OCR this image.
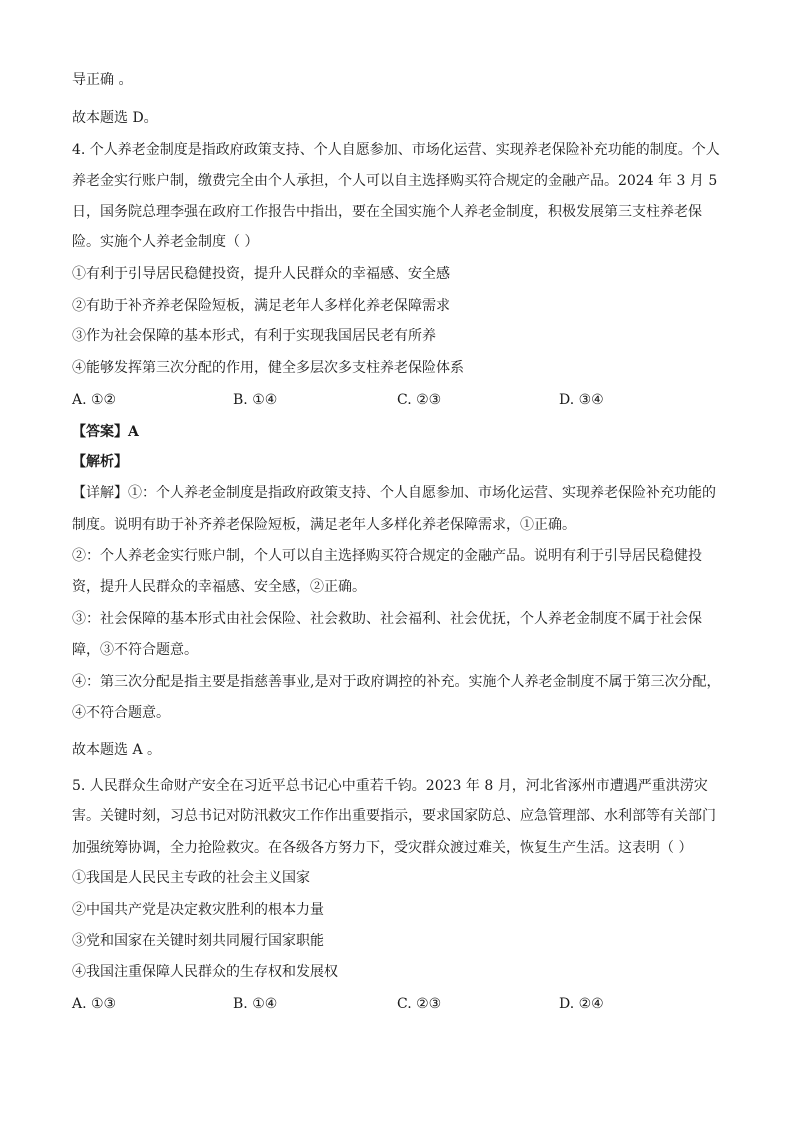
导正确 。
故本题选 D。
4. 个人养老金制度是指政府政策支持、个人自愿参加、市场化运营、实现养老保险补充功能的制度。个人
养老金实行账户制，缴费完全由个人承担，个人可以自主选择购买符合规定的金融产品。2024 年 3 月 5
日，国务院总理李强在政府工作报告中指出，要在全国实施个人养老金制度，积极发展第三支柱养老保
险。实施个人养老金制度（ ）
①有利于引导居民稳健投资，提升人民群众的幸福感、安全感
②有助于补齐养老保险短板，满足老年人多样化养老保障需求
③作为社会保障的基本形式，有利于实现我国居民老有所养
④能够发挥第三次分配的作用，健全多层次多支柱养老保险体系
A. ①②	B. ①④	C. ②③	D. ③④
【答案】A
【解析】
【详解】①：个人养老金制度是指政府政策支持、个人自愿参加、市场化运营、实现养老保险补充功能的
制度。说明有助于补齐养老保险短板，满足老年人多样化养老保障需求，①正确。
②：个人养老金实行账户制，个人可以自主选择购买符合规定的金融产品。说明有利于引导居民稳健投
资，提升人民群众的幸福感、安全感，②正确。
③：社会保障的基本形式由社会保险、社会救助、社会福利、社会优抚，个人养老金制度不属于社会保
障，③不符合题意。
④：第三次分配是指主要是指慈善事业,是对于政府调控的补充。实施个人养老金制度不属于第三次分配，
④不符合题意。
故本题选 A 。
5. 人民群众生命财产安全在习近平总书记心中重若千钧。2023 年 8 月，河北省涿州市遭遇严重洪涝灾
害。关键时刻，习总书记对防汛救灾工作作出重要指示，要求国家防总、应急管理部、水利部等有关部门
加强统筹协调，全力抢险救灾。在各级各方努力下，受灾群众渡过难关，恢复生产生活。这表明（ ）
①我国是人民民主专政的社会主义国家
②中国共产党是决定救灾胜利的根本力量
③党和国家在关键时刻共同履行国家职能
④我国注重保障人民群众的生存权和发展权
A. ①③	B. ①④	C. ②③	D. ②④
